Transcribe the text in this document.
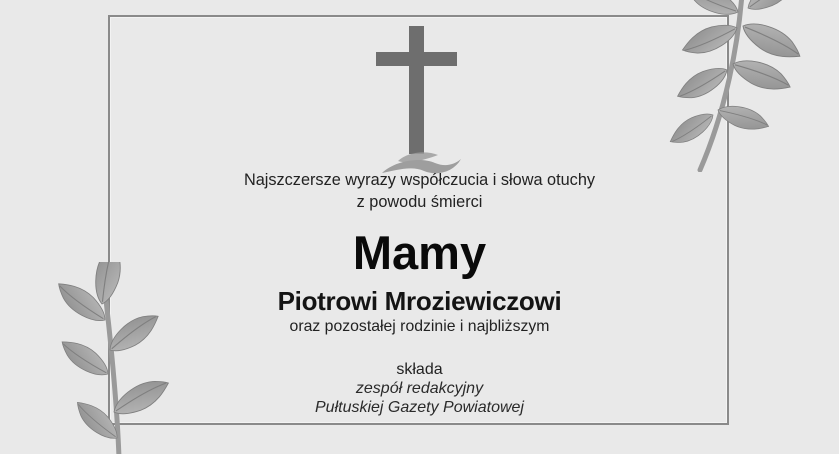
Najszczersze wyrazy współczucia i słowa otuchy
z powodu śmierci
Mamy
Piotrowi Mroziewiczowi
oraz pozostałej rodzinie i najbliższym
składa
zespół redakcyjny
Pułtuskiej Gazety Powiatowej
